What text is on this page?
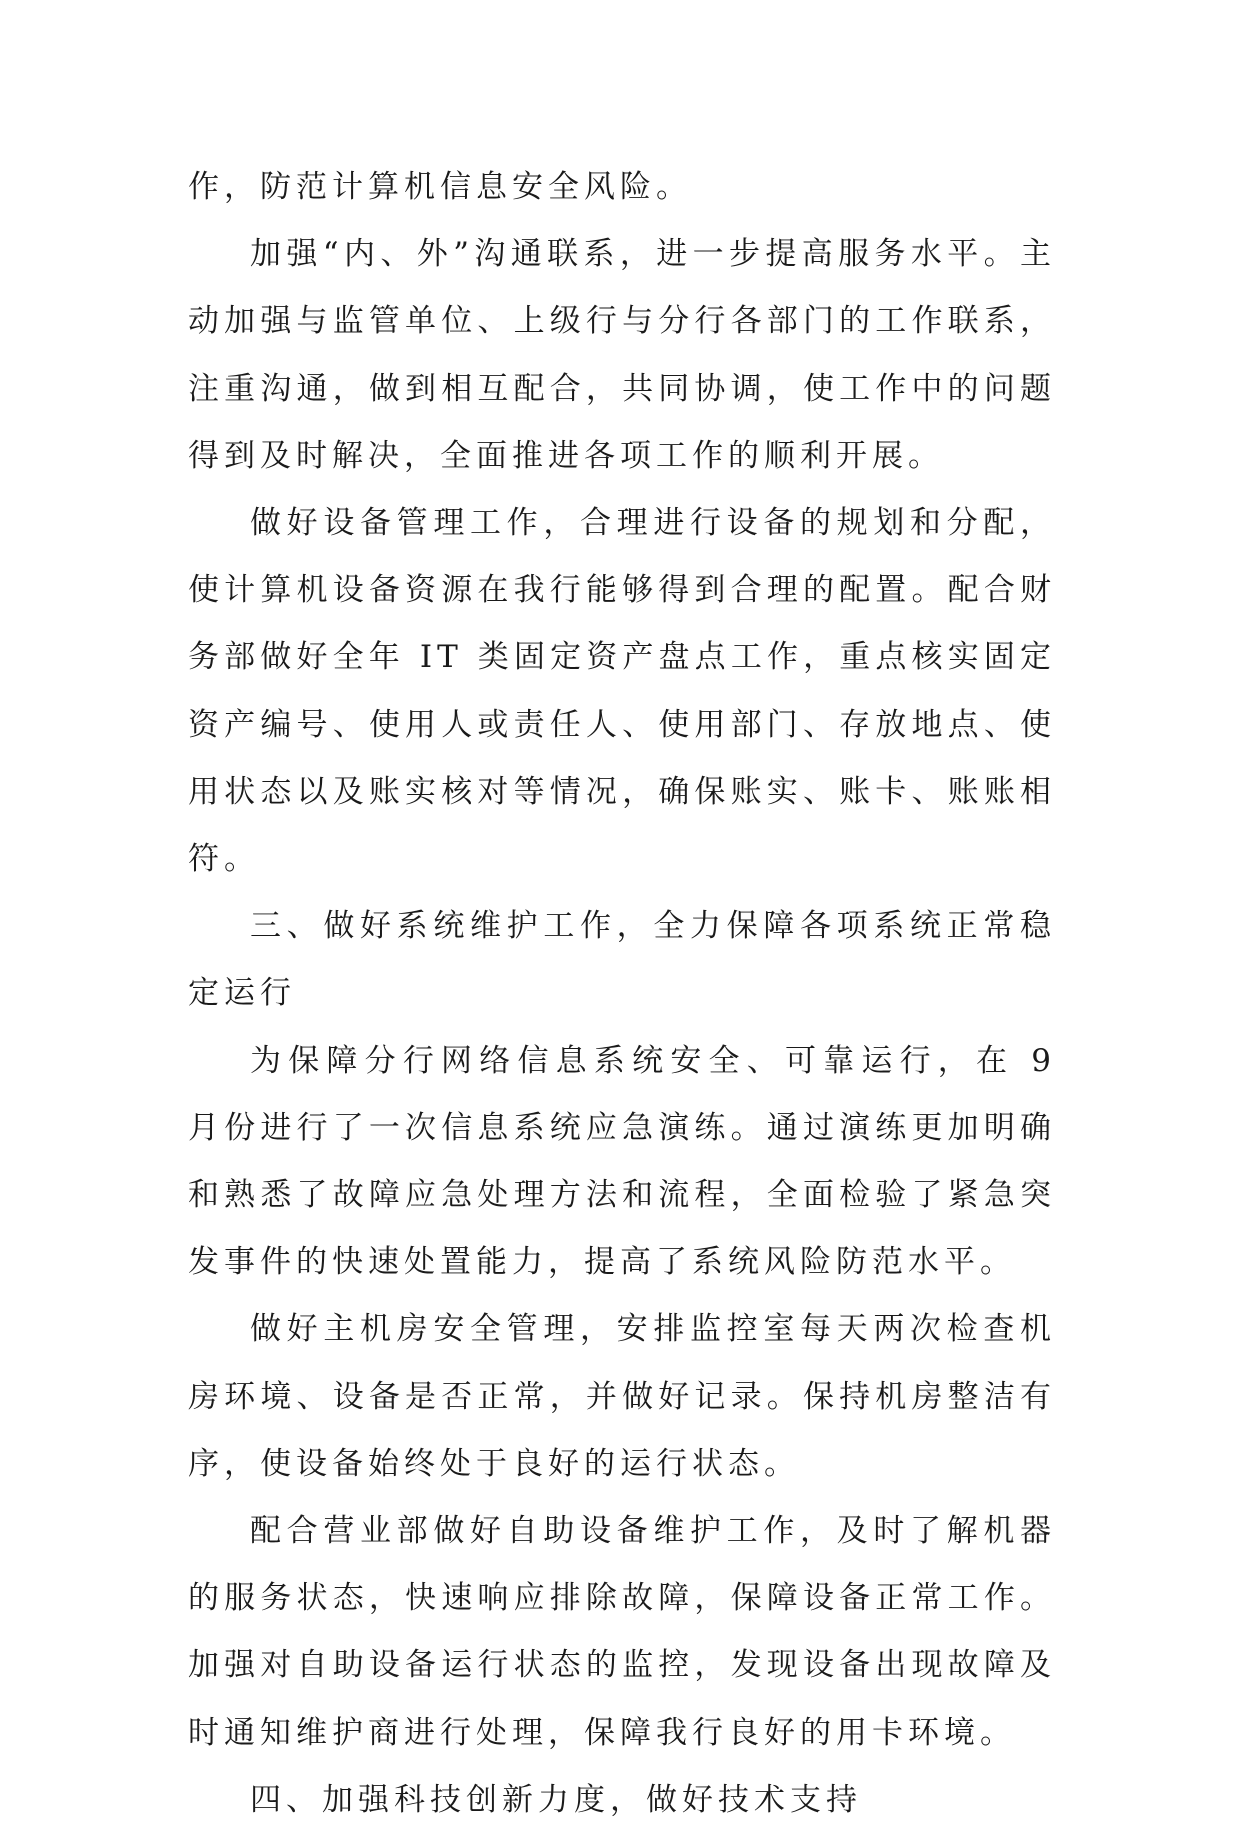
作，防范计算机信息安全风险。

加强“内、外”沟通联系，进一步提高服务水平。主动加强与监管单位、上级行与分行各部门的工作联系，注重沟通，做到相互配合，共同协调，使工作中的问题得到及时解决，全面推进各项工作的顺利开展。

做好设备管理工作，合理进行设备的规划和分配，使计算机设备资源在我行能够得到合理的配置。配合财务部做好全年 IT 类固定资产盘点工作，重点核实固定资产编号、使用人或责任人、使用部门、存放地点、使用状态以及账实核对等情况，确保账实、账卡、账账相符。

三、做好系统维护工作，全力保障各项系统正常稳定运行

为保障分行网络信息系统安全、可靠运行，在 9 月份进行了一次信息系统应急演练。通过演练更加明确和熟悉了故障应急处理方法和流程，全面检验了紧急突发事件的快速处置能力，提高了系统风险防范水平。

做好主机房安全管理，安排监控室每天两次检查机房环境、设备是否正常，并做好记录。保持机房整洁有序，使设备始终处于良好的运行状态。

配合营业部做好自助设备维护工作，及时了解机器的服务状态，快速响应排除故障，保障设备正常工作。加强对自助设备运行状态的监控，发现设备出现故障及时通知维护商进行处理，保障我行良好的用卡环境。

四、加强科技创新力度，做好技术支持
